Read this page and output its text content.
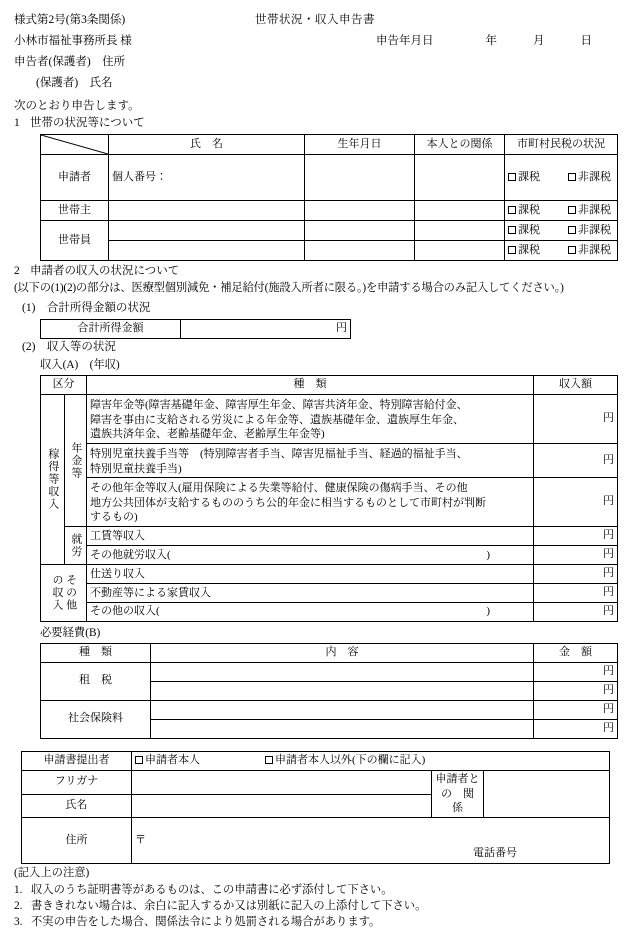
様式第2号(第3条関係)	世帯状況・収入申告書
小林市福祉事務所長 様	申告年月日	年	月	日
申告者(保護者)　住所
(保護者)　氏名
次のとおり申告します。
1 世帯の状況等について
	氏　名	生年月日	本人との関係	市町村民税の状況
申請者	個人番号：			課税 非課税
世帯主				課税 非課税
世帯員				課税 非課税
				課税 非課税
2 申請者の収入の状況について
(以下の(1)(2)の部分は、医療型個別減免・補足給付(施設入所者に限る。)を申請する場合のみ記入してください。)
(1)　合計所得金額の状況
合計所得金額	円
(2)　収入等の状況
収入(A)　(年収)
区分		種　類	収入額

稼得等収入	年金等	障害年金等(障害基礎年金、障害厚生年金、障害共済年金、特別障害給付金、
障害を事由に支給される労災による年金等、遺族基礎年金、遺族厚生年金、
遺族共済年金、老齢基礎年金、老齢厚生年金等)	円

		特別児童扶養手当等　(特別障害者手当、障害児福祉手当、経過的福祉手当、
特別児童扶養手当)	円

		その他年金等収入(雇用保険による失業等給付、健康保険の傷病手当、その他
地方公共団体が支給するもののうち公的年金に相当するものとして市町村が判断
するもの)	円

	就労	工賃等収入	円
		その他就労収入( )	円

の収入 その他		仕送り収入	円
		不動産等による家賃収入	円
		その他の収入( )	円
必要経費(B)
種　類	内　容	金　額
租　税		円
		円
社会保険料		円
		円
申請書提出者	申請者本人 申請者本人以外(下の欄に記入)		
フリガナ		申請者と
の　関　係	

氏名			
住所	〒
電話番号		
(記入上の注意)
1. 収入のうち証明書等があるものは、この申請書に必ず添付して下さい。
2. 書ききれない場合は、余白に記入するか又は別紙に記入の上添付して下さい。
3. 不実の申告をした場合、関係法令により処罰される場合があります。
